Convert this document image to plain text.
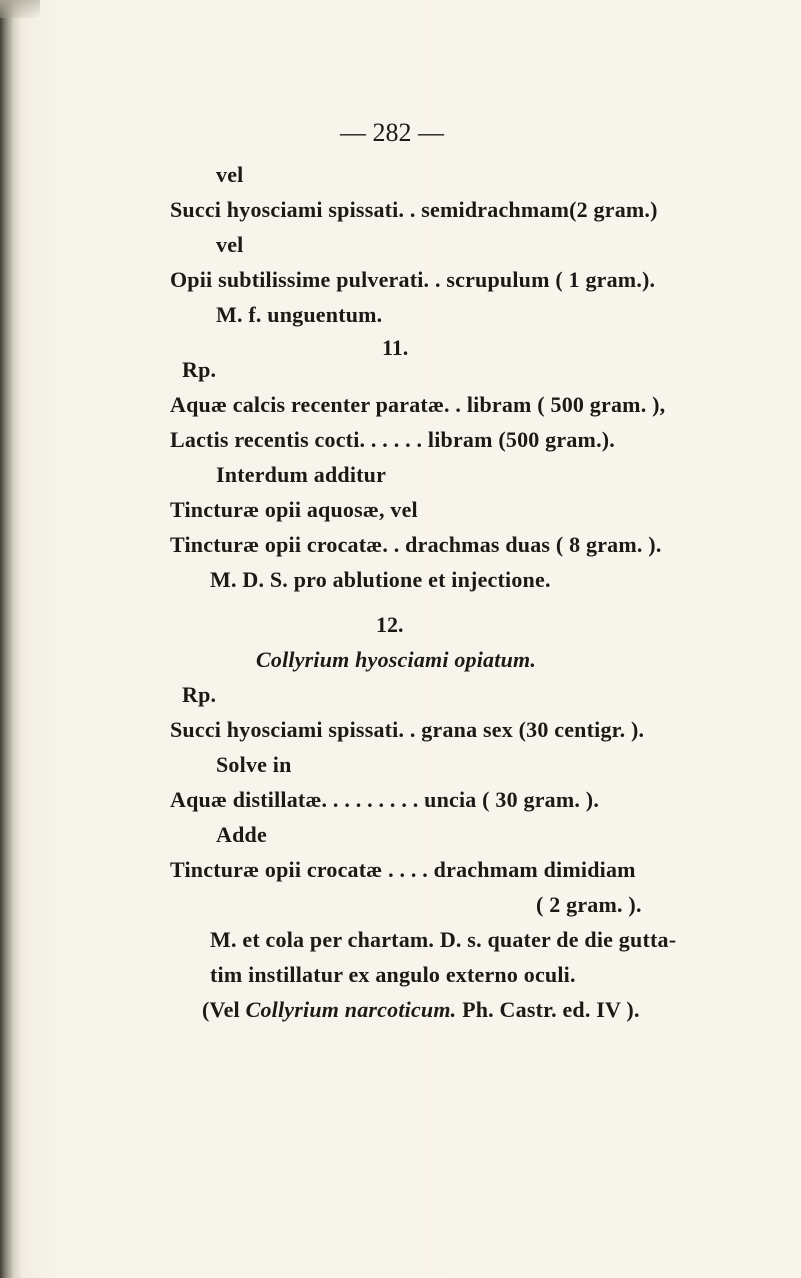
— 282 —
vel
Succi hyosciami spissati. . semidrachmam(2 gram.)
vel
Opii subtilissime pulverati. . scrupulum ( 1 gram.).
M. f. unguentum.
11.
Rp.
Aquæ calcis recenter paratæ. . libram ( 500 gram. ),
Lactis recentis cocti. . . . . . libram (500 gram.).
Interdum additur
Tincturæ opii aquosæ, vel
Tincturæ opii crocatæ. . drachmas duas ( 8 gram. ).
M. D. S. pro ablutione et injectione.
12.
Collyrium hyosciami opiatum.
Rp.
Succi hyosciami spissati. . grana sex (30 centigr. ).
Solve in
Aquæ distillatæ. . . . . . . . . uncia ( 30 gram. ).
Adde
Tincturæ opii crocatæ . . . . drachmam dimidiam
( 2 gram. ).
M. et cola per chartam. D. s. quater de die gutta-
tim instillatur ex angulo externo oculi.
(Vel Collyrium narcoticum. Ph. Castr. ed. IV ).
